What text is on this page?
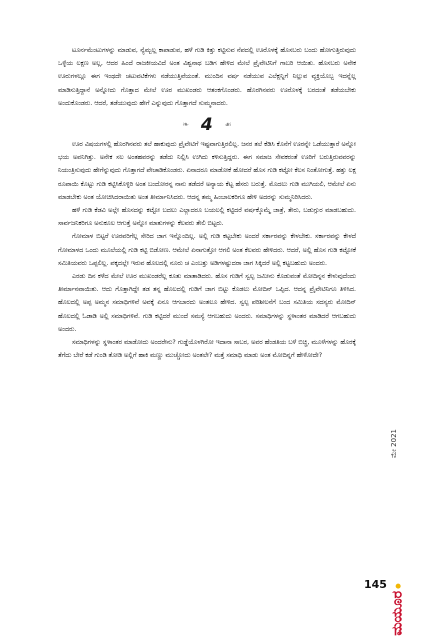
ಟೂರ್ನಮೆಂಟುಗಳನ್ನು ಮಾಡುವ, ನ್ಯೆಮ್ಬಲ್ಲ ಕಾಪಾಡುವ, ಹಳೆ ಗುಡಿ ಕಿತ್ತು ಕಟ್ಟಿಸುವ ನೆಪದಲ್ಲಿ ಊರೊಳಕ್ಕೆ ಹೊಸಬರು ಬಂದು ಹೋಗುತ್ತಿರುವುದು ಒಳ್ಳೆಯ ಲಕ್ಷಣ ಅಲ್ಲ, ಆದರ ಹಿಂದೆ ರಾಜಕೀಯವಿದೆ ಅಂತ ವಿಶ್ವನಾಥ ಬಡಿಗ ಹೇಳಿದ ಮೇಲೆ ಪ್ರೈವೇಟಿನಿಗೆ ಗಾಬರಿ ಆಯಿತು. ಹೊಸಬರು ಅನೇಕ ಊರುಗಳಲ್ಲೂ ಈಗ ಇಂಥದೇ ಚಟುವಟಿಕೆಗಳು ನಡೆಯುತ್ತಿವೆಯಂತೆ. ಮುಂದಿನ ವರ್ಷ ನಡೆಯುವ ಎಲೆಕ್ಷನ್ನಿಗೆ ನಿಲ್ಲುವ ವ್ಯಕ್ತಿಯೊಬ್ಬ ಇದನ್ನೆಲ್ಲ ಮಾಡಿಸುತ್ತಿದ್ದಾನೆ ಅನ್ನೋದು ಗೊತ್ತಾದ ಮೇಲೆ ಊರ ಮುಖಂಡರು ಆತಂಕಗೊಂಡರು. ಹೊರಗಿನವರು ಊರೊಳಕ್ಕೆ ಬರದಂತೆ ತಡೆಯಬೇಕು ಅಂದುಕೊಂಡರು. ಆದರೆ, ತಡೆಯುವುದು ಹೇಗೆ ಎನ್ನುವುದು ಗೊತ್ತಾಗದೆ ಸುಮ್ಮನಾದರು.

❧ 4 ☙

ಊರ ವಿಷಯಗಳಲ್ಲಿ ಹೊರಗಿನವರು ತಲೆ ಹಾಕುವುದು ಪ್ರೈವೇಟಿಗೆ ಇಷ್ಟವಾಗುತ್ತಿರಲಿಲ್ಲ. ಜನರ ತಲೆ ಕೆಡಿಸಿ ಕೊನೆಗೆ ಊರನ್ನೇ ಒಡೆಯುತ್ತಾರೆ ಅನ್ನೋ ಭಯ ಅವನಿಗಿತ್ತು. ಅನೇಕ ಸಲ ಅಂತಹವರನ್ನು ತಡೆದು ನಿಲ್ಲಿಸಿ ಉಗಿದು ಕಳಿಸುತ್ತಿದ್ದರು. ಈಗ ಸಮಾಜ ಸೇವಕರಂತೆ ಊರಿಗೆ ಬರುತ್ತಿರುವವರನ್ನು ನಿಯಂತ್ರಿಸುವುದು ಹೇಗೆನ್ನುವುದು ಗೊತ್ತಾಗದೆ ಪೇಚಾಡಿಕೊಂಡರು. ಏನಾದರೂ ಮಾಡೋಕೆ ಹೋದರೆ ಹೊಸ ಗುಡಿ ಕಟ್ಟೋ ಕೆಲಸ ನಿಂತೋಗುತ್ತೆ. ಹತ್ತು ಲಕ್ಷ ರೂಪಾಯಿ ಕೊಟ್ಟು ಗುಡಿ ಕಟ್ಟಿಸಿಕೊಳ್ಳಿರಿ ಅಂತ ಬಂದೋರನ್ನ ನಾನು ತಡೆದರೆ ಅನ್ಯಾಯ ಕೆಟ್ಟ ಹೆಸರು ಬರುತ್ತೆ. ಮೊದಲು ಗುಡಿ ಮುಗಿಯಲಿ, ಆಮೇಲೆ ಏನು ಮಾಡಬೇಕು ಅಂತ ಯೋಚಿಸಿದರಾಯಿತು ಅಂತ ತೀರ್ಮಾನಿಸಿದರು. ಆದನ್ನ ತಮ್ಮ ಹಿಂಬಾಲಕರಿಗೂ ಹೇಳಿ ಅದರನ್ನು ಸುಮ್ಮನಿರಿಸಿದರು.

ಹಳೆ ಗುಡಿ ಕೆಡವಿ ಅಲ್ಲೇ ಹೊಸದನ್ನು ಕಟ್ಟೋ ಬದಲು ಎಲ್ಲಾದರೂ ಬಯಲಲ್ಲಿ ಕಟ್ಟಿದರೆ ವರ್ಷಕ್ಕೊಮ್ಮೆ ಜಾತ್ರೆ, ತೇರು, ಬಡುಗ್ಗುರ ಮಾಡಬಹುದು. ಸಾರ್ವಜನಿಕರಿಗೂ ಅನುಕೂಲ ಆಗುತ್ತೆ ಅನ್ನೋ ಮಾತುಗಳನ್ನು ಕೆಲವರು ತೇಲಿ ಬಿಟ್ಟರು.

ಗೋಮಾಳ ಬಿಟ್ಟರೆ ಊರವರಿಗೆಲ್ಲ ಸೇರಿದ ಜಾಗ ಇನ್ನೊಂದಿಲ್ಲ. ಅಲ್ಲಿ ಗುಡಿ ಕಟ್ಟಬೇಕು ಅಂದರೆ ಸರ್ಕಾರವನ್ನು ಕೇಳಬೇಕು. ಸರ್ಕಾರವನ್ನು ಕೇಳದೆ ಗೋಮಾಳದ ಒಂದು ಮೂಲೆಯಲ್ಲಿ ಗುಡಿ ಕಟ್ಟಿ ಬಿಡೋಣ. ಆಮೇಲೆ ಏನಾಗುತ್ತೋ ಆಗಲಿ ಅಂತ ಕೆಲವರು ಹೇಳಿದರು. ಆದರೆ, ಅಲ್ಲಿ ಹೊಸ ಗುಡಿ ಕಟ್ಟೋಕೆ ಸಮಿತಿಯವರು ಒಪ್ಪಲಿಲ್ಲ. ಪಕ್ಕದಲ್ಲೇ ಇರುವ ಹೊಲದಲ್ಲಿ ನೂರು ಚ ಎಂಬತ್ತು ಅಡಿಗಳಷ್ಟುದರಾ ಜಾಗ ಸಿಕ್ಕಿದರೆ ಅಲ್ಲಿ ಕಟ್ಟಬಹುದು ಅಂದರು.

ಎರಡು ದಿನ ಕಳೆದ ಮೇಲೆ ಊರ ಮುಖಂಡರೆಲ್ಲ ಕೂತು ಮಾತಾಡಿದರು. ಹೊಸ ಗುಡಿಗೆ ಸ್ವಲ್ಪ ಜಮೀನು ಕೊಡುವಂತೆ ಮೋದಿನ್ನನ ಕೇಳುವುದೆಂದು ತೀರ್ಮಾನವಾಯಿತು. ಆದು ಗೊತ್ತಾಗಿದ್ದೇ ತಡ ತನ್ನ ಹೊಲದಲ್ಲಿ ಗುಡಿಗೆ ಜಾಗ ಬಿಟ್ಟು ಕೊಡಲು ಮೋದಿನ್ ಒಪ್ಪಿದ. ಆದನ್ನ ಪ್ರೈವೇಟಿನಿಗೂ ತಿಳಿಸಿದ. ಹೊಲದಲ್ಲಿ ಅಪ್ಪ ಅಮ್ಮನ ಸಮಾಧಿಗಳಿವೆ ಅವಕ್ಕೆ ಏನೂ ಆಗಬಾರದು ಅಂತಲೂ ಹೇಳಿದ. ಸ್ವಲ್ಪ ಪರಿಶೀಲನೆಗೆ ಬಂದ ಸಮಿತಿಯ ಸದಸ್ಯರು ಮೋದಿನ್ ಹೊಲದಲ್ಲಿ ಓಡಾಡಿ ಅಲ್ಲಿ ಸಮಾಧಿಗಳಿವೆ. ಗುಡಿ ಕಟ್ಟಿದರೆ ಮುಂದೆ ಸಮಸ್ಯೆ ಆಗಬಹುದು ಅಂದರು. ಸಮಾಧಿಗಳನ್ನು ಸ್ಥಳಾಂತರ ಮಾಡಿದರೆ ಆಗಬಹುದು ಅಂದರು.

ಸಮಾಧಿಗಳನ್ನು ಸ್ಥಳಾಂತರ ಮಾಡೋದು ಅಂದರೇನು? ಗುಡ್ಡೆಯೊಳಗಿರೋ ಇದಾನಾ ಸಾಬರ, ಅವರ ಹೆಂಡತಿಯ ಬಳೆ ಬಿಚ್ಚಿ, ಮೂಳೆಗಳನ್ನು ಹೊರಕ್ಕೆ ತೆಗೆದು ಬೇರೆ ಕಡೆ ಗುಂಡಿ ತೋಡಿ ಅಲ್ಲಿಗೆ ಹಾಕಿ ಮಣ್ಣು ಮುಚ್ಚೋದು ಅಂತಲೇ? ಮತ್ತೆ ಸಮಾಧಿ ಮಾಡು ಅಂತ ಮೋದಿನ್ನಗೆ ಹೇಳೋದೇ?

ಮೇ 2021
ಮಯೂರ
145
